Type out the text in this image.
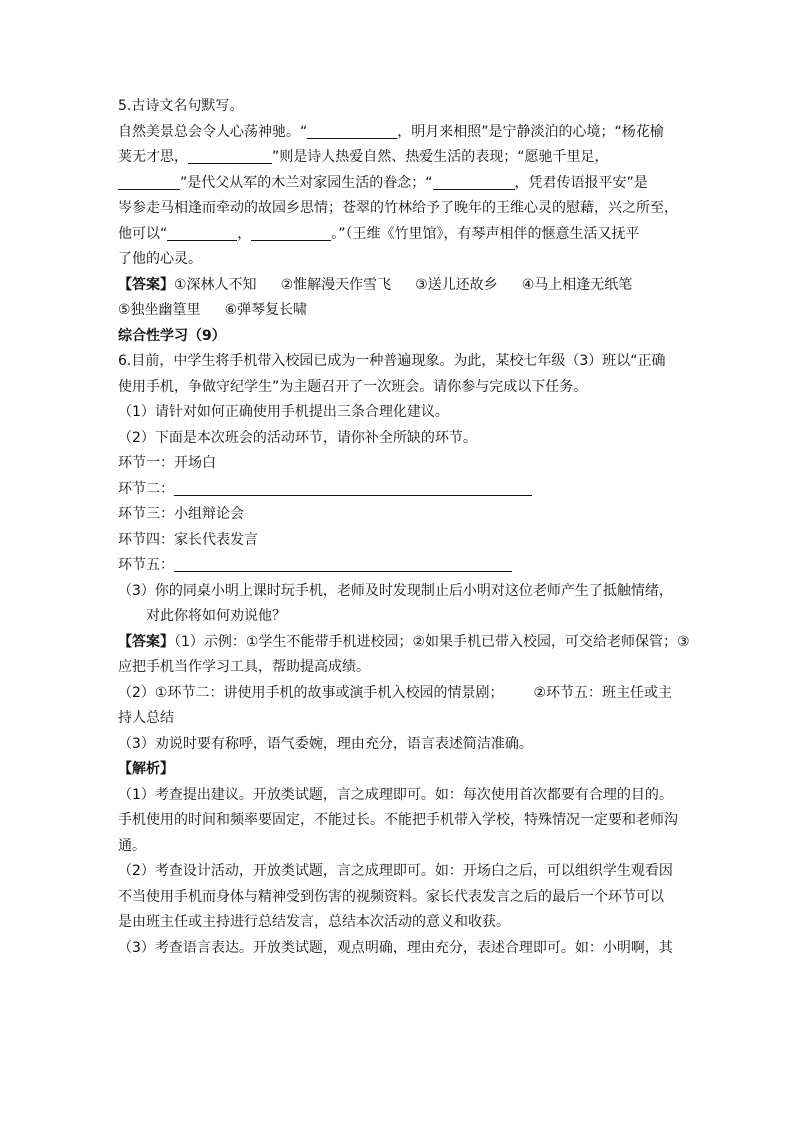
5.古诗文名句默写。
自然美景总会令人心荡神驰。“	，明月来相照”是宁静淡泊的心境；“杨花榆
荚无才思，	”则是诗人热爱自然、热爱生活的表现；“愿驰千里足，
”是代父从军的木兰对家园生活的眷念；“	，凭君传语报平安”是
岑参走马相逢而牵动的故园乡思情；苍翠的竹林给予了晚年的王维心灵的慰藉，兴之所至，
他可以“	，	。”（王维《竹里馆》，有琴声相伴的惬意生活又抚平
了他的心灵。
【答案】①深林人不知 ②惟解漫天作雪飞 ③送儿还故乡 ④马上相逢无纸笔
⑤独坐幽篁里 ⑥弹琴复长啸
综合性学习（9）
6.目前，中学生将手机带入校园已成为一种普遍现象。为此，某校七年级（3）班以“正确
使用手机，争做守纪学生”为主题召开了一次班会。请你参与完成以下任务。
（1）请针对如何正确使用手机提出三条合理化建议。
（2）下面是本次班会的活动环节，请你补全所缺的环节。
环节一：开场白
环节二：
环节三：小组辩论会
环节四：家长代表发言
环节五：
（3）你的同桌小明上课时玩手机，老师及时发现制止后小明对这位老师产生了抵触情绪，
对此你将如何劝说他？
【答案】（1）示例：①学生不能带手机进校园；②如果手机已带入校园，可交给老师保管；③
应把手机当作学习工具，帮助提高成绩。
（2）①环节二：讲使用手机的故事或演手机入校园的情景剧； ②环节五：班主任或主
持人总结
（3）劝说时要有称呼，语气委婉，理由充分，语言表述简洁准确。
【解析】
（1）考查提出建议。开放类试题，言之成理即可。如：每次使用首次都要有合理的目的。
手机使用的时间和频率要固定，不能过长。不能把手机带入学校，特殊情况一定要和老师沟
通。
（2）考查设计活动，开放类试题，言之成理即可。如：开场白之后，可以组织学生观看因
不当使用手机而身体与精神受到伤害的视频资料。家长代表发言之后的最后一个环节可以
是由班主任或主持进行总结发言，总结本次活动的意义和收获。
（3）考查语言表达。开放类试题，观点明确，理由充分，表述合理即可。如：小明啊，其
